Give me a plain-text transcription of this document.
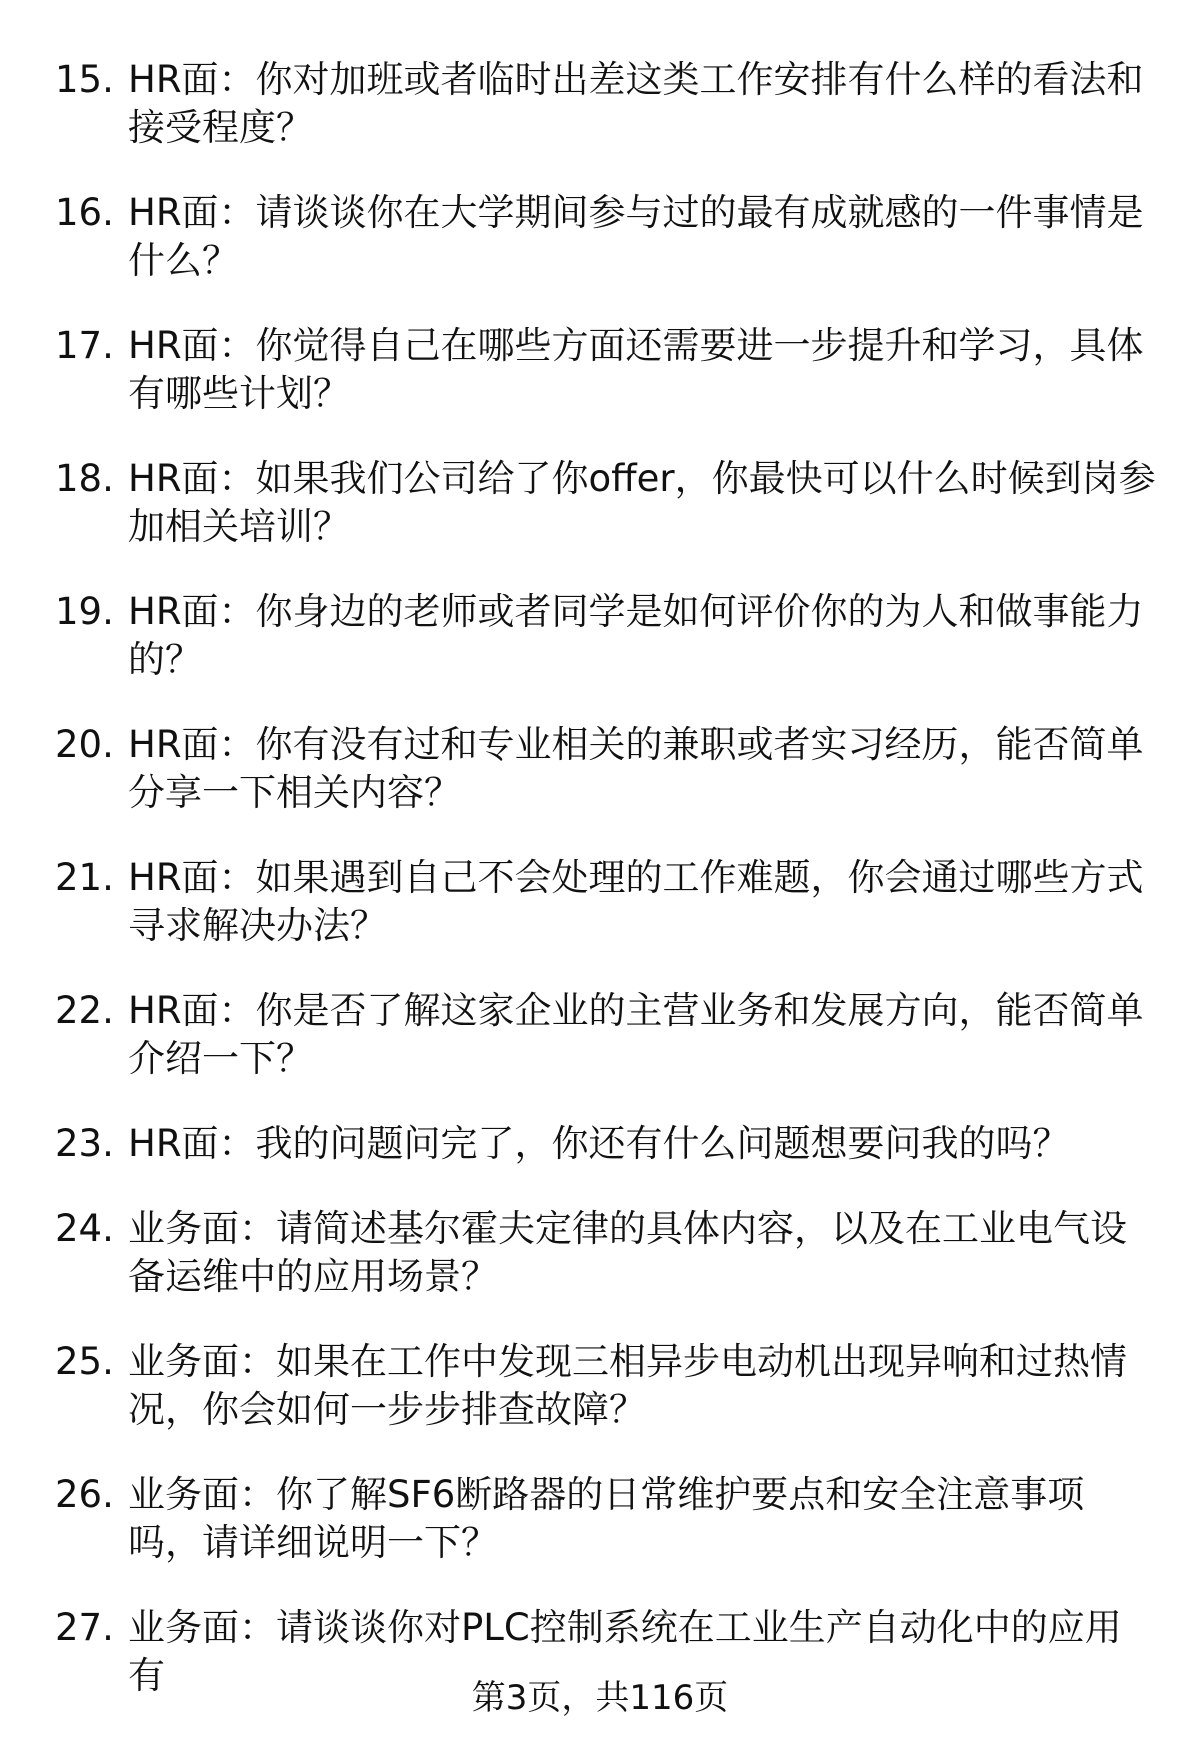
15. HR面：你对加班或者临时出差这类工作安排有什么样的看法和接受程度？
16. HR面：请谈谈你在大学期间参与过的最有成就感的一件事情是什么？
17. HR面：你觉得自己在哪些方面还需要进一步提升和学习，具体有哪些计划？
18. HR面：如果我们公司给了你offer，你最快可以什么时候到岗参加相关培训？
19. HR面：你身边的老师或者同学是如何评价你的为人和做事能力的？
20. HR面：你有没有过和专业相关的兼职或者实习经历，能否简单分享一下相关内容？
21. HR面：如果遇到自己不会处理的工作难题，你会通过哪些方式寻求解决办法？
22. HR面：你是否了解这家企业的主营业务和发展方向，能否简单介绍一下？
23. HR面：我的问题问完了，你还有什么问题想要问我的吗？
24. 业务面：请简述基尔霍夫定律的具体内容，以及在工业电气设备运维中的应用场景？
25. 业务面：如果在工作中发现三相异步电动机出现异响和过热情况，你会如何一步步排查故障？
26. 业务面：你了解SF6断路器的日常维护要点和安全注意事项吗，请详细说明一下？
27. 业务面：请谈谈你对PLC控制系统在工业生产自动化中的应用有
第3页，共116页
